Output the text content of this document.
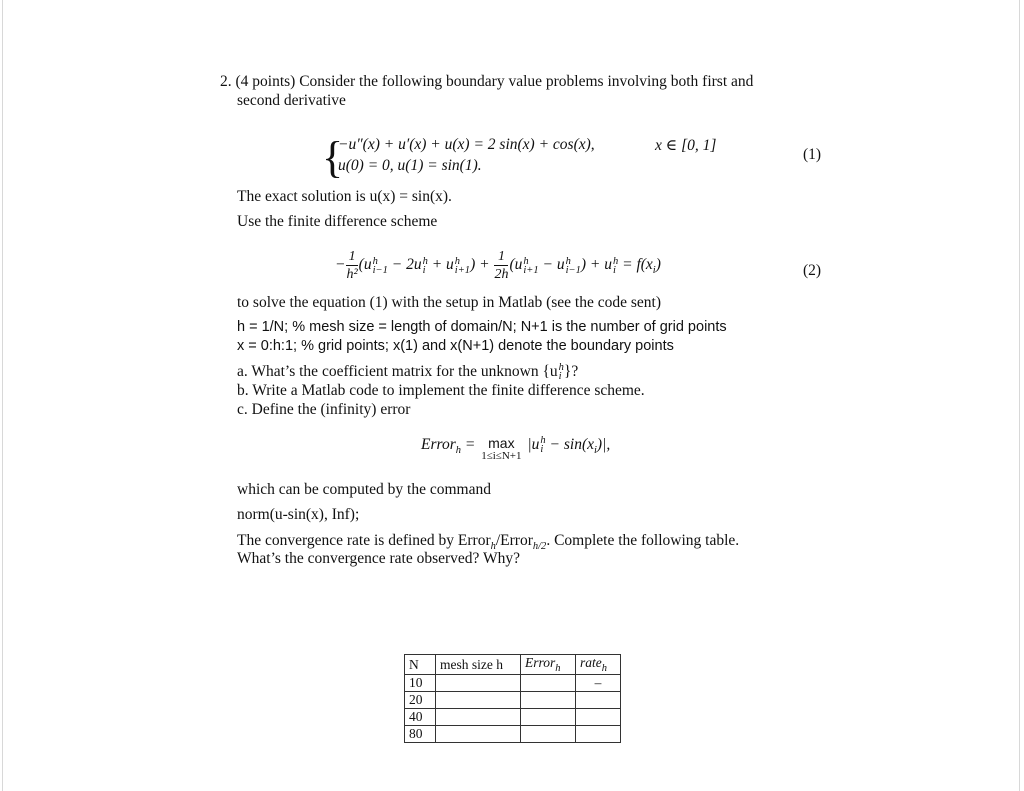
2. (4 points) Consider the following boundary value problems involving both first and
second derivative
{
−u″(x) + u′(x) + u(x) = 2 sin(x) + cos(x),	x ∈ [0, 1]
u(0) = 0, u(1) = sin(1).
(1)
The exact solution is u(x) = sin(x).
Use the finite difference scheme
− $\frac{1}{\text{h²}} (u$ h
i−1 − 2u h
i + u h
i+1 ) + $\frac{1}{2h} (u$ h
i+1 − u h
i−1 ) + u h
$i = f(x_i)$	(2)
to solve the equation (1) with the setup in Matlab (see the code sent)
h = 1/N; % mesh size = length of domain/N; N+1 is the number of grid points
x = 0:h:1; % grid points; x(1) and x(N+1) denote the boundary points
a. What’s the coefficient matrix for the unknown {u h
i }?
b. Write a Matlab code to implement the finite difference scheme.
c. Define the (infinity) error
Error$_h$ = max
1≤i≤N+1
|u h
$i - \sin(x_i)|$,
which can be computed by the command
norm(u-sin(x), Inf);
The convergence rate is defined by Error$_h$/Error$_{h/2}$. Complete the following table.
What’s the convergence rate observed? Why?
N	mesh size h	Error$_h$	rate$_h$
10			–
20			
40			
80			
